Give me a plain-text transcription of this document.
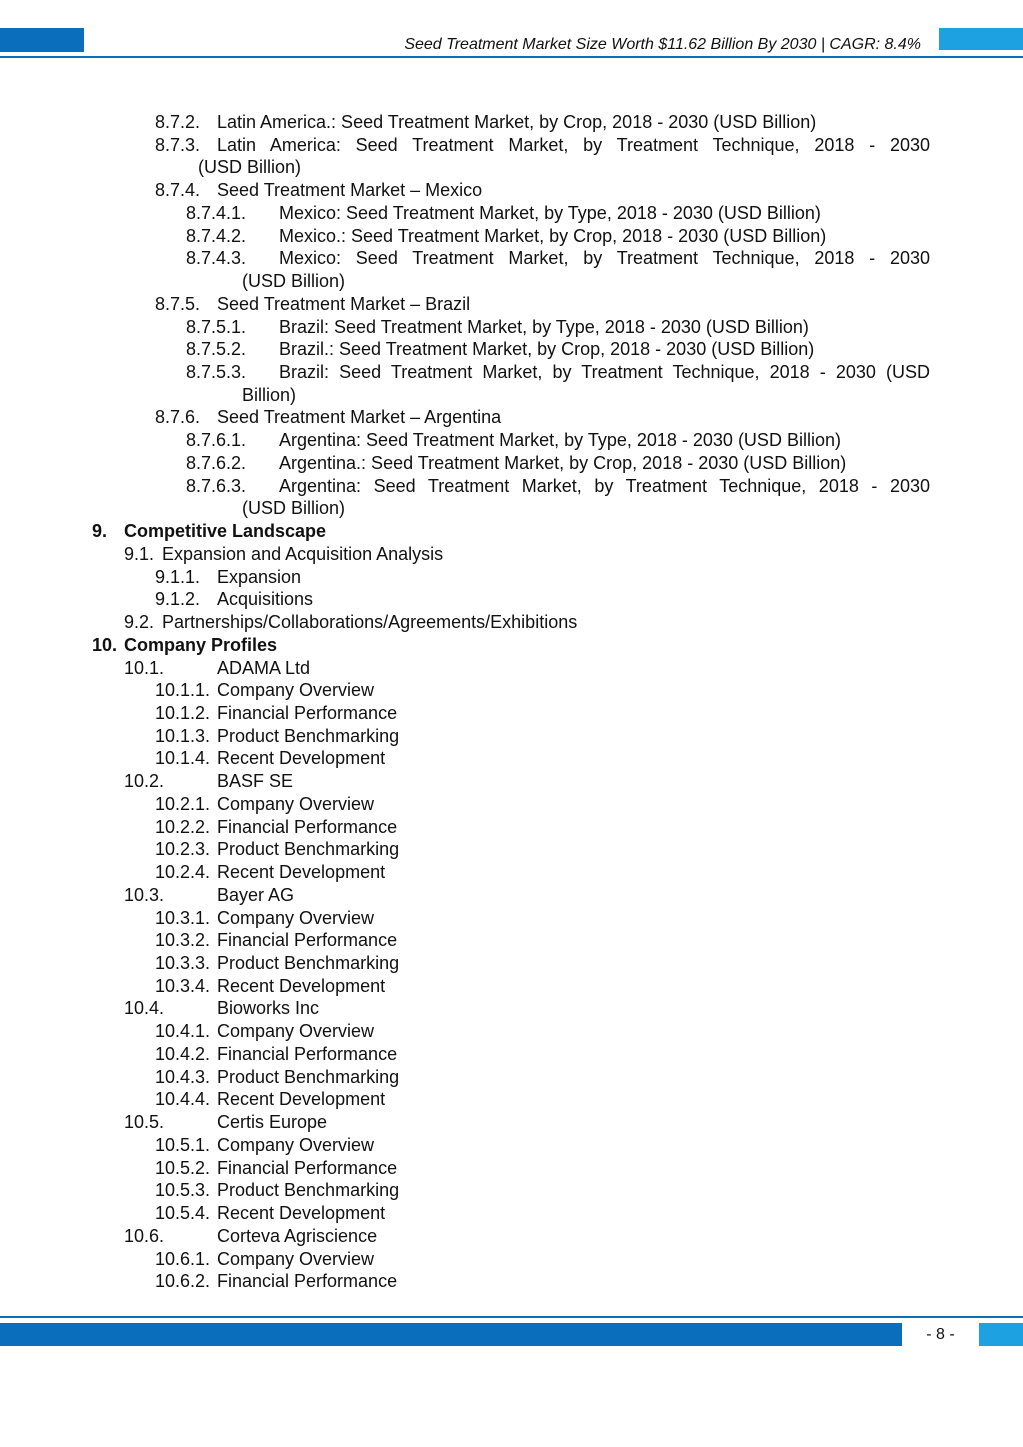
Seed Treatment Market Size Worth $11.62 Billion By 2030 | CAGR: 8.4%
8.7.2. Latin America.: Seed Treatment Market, by Crop, 2018 - 2030 (USD Billion)
8.7.3. Latin America: Seed Treatment Market, by Treatment Technique, 2018 - 2030
(USD Billion)
8.7.4. Seed Treatment Market – Mexico
8.7.4.1. Mexico: Seed Treatment Market, by Type, 2018 - 2030 (USD Billion)
8.7.4.2. Mexico.: Seed Treatment Market, by Crop, 2018 - 2030 (USD Billion)
8.7.4.3. Mexico: Seed Treatment Market, by Treatment Technique, 2018 - 2030
(USD Billion)
8.7.5. Seed Treatment Market – Brazil
8.7.5.1. Brazil: Seed Treatment Market, by Type, 2018 - 2030 (USD Billion)
8.7.5.2. Brazil.: Seed Treatment Market, by Crop, 2018 - 2030 (USD Billion)
8.7.5.3. Brazil: Seed Treatment Market, by Treatment Technique, 2018 - 2030 (USD
Billion)
8.7.6. Seed Treatment Market – Argentina
8.7.6.1. Argentina: Seed Treatment Market, by Type, 2018 - 2030 (USD Billion)
8.7.6.2. Argentina.: Seed Treatment Market, by Crop, 2018 - 2030 (USD Billion)
8.7.6.3. Argentina: Seed Treatment Market, by Treatment Technique, 2018 - 2030
(USD Billion)
9. Competitive Landscape
9.1. Expansion and Acquisition Analysis
9.1.1. Expansion
9.1.2. Acquisitions
9.2. Partnerships/Collaborations/Agreements/Exhibitions
10. Company Profiles
10.1.	ADAMA Ltd
10.1.1. Company Overview
10.1.2. Financial Performance
10.1.3. Product Benchmarking
10.1.4. Recent Development
10.2.	BASF SE
10.2.1. Company Overview
10.2.2. Financial Performance
10.2.3. Product Benchmarking
10.2.4. Recent Development
10.3.	Bayer AG
10.3.1. Company Overview
10.3.2. Financial Performance
10.3.3. Product Benchmarking
10.3.4. Recent Development
10.4.	Bioworks Inc
10.4.1. Company Overview
10.4.2. Financial Performance
10.4.3. Product Benchmarking
10.4.4. Recent Development
10.5.	Certis Europe
10.5.1. Company Overview
10.5.2. Financial Performance
10.5.3. Product Benchmarking
10.5.4. Recent Development
10.6.	Corteva Agriscience
10.6.1. Company Overview
10.6.2. Financial Performance
- 8 -
